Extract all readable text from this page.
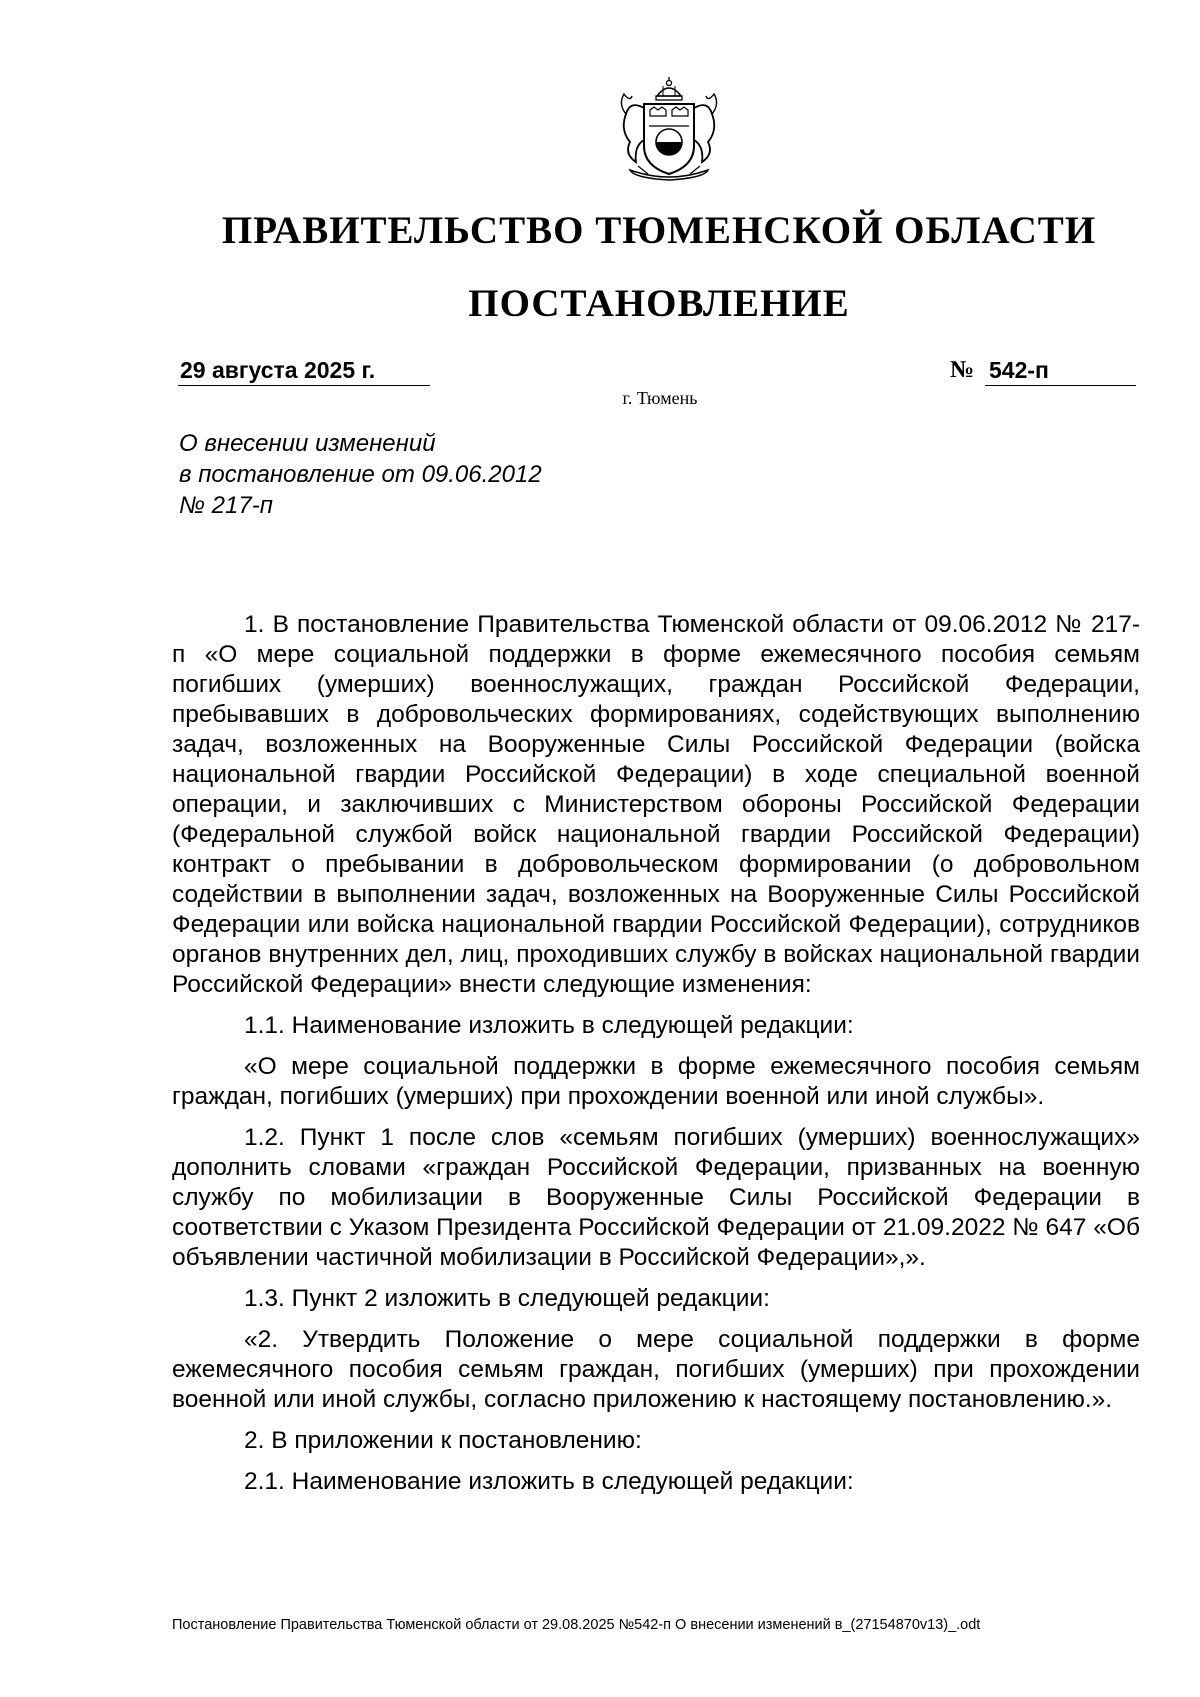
ПРАВИТЕЛЬСТВО ТЮМЕНСКОЙ ОБЛАСТИ
ПОСТАНОВЛЕНИЕ
29 августа 2025 г.	№ 542-п
г. Тюмень
О внесении изменений
в постановление от 09.06.2012
№ 217-п

1. В постановление Правительства Тюменской области от 09.06.2012 № 217-п «О мере социальной поддержки в форме ежемесячного пособия семьям погибших (умерших) военнослужащих, граждан Российской Федерации, пребывавших в добровольческих формированиях, содействующих выполнению задач, возложенных на Вооруженные Силы Российской Федерации (войска национальной гвардии Российской Федерации) в ходе специальной военной операции, и заключивших с Министерством обороны Российской Федерации (Федеральной службой войск национальной гвардии Российской Федерации) контракт о пребывании в добровольческом формировании (о добровольном содействии в выполнении задач, возложенных на Вооруженные Силы Российской Федерации или войска национальной гвардии Российской Федерации), сотрудников органов внутренних дел, лиц, проходивших службу в войсках национальной гвардии Российской Федерации» внести следующие изменения:

1.1. Наименование изложить в следующей редакции:

«О мере социальной поддержки в форме ежемесячного пособия семьям граждан, погибших (умерших) при прохождении военной или иной службы».

1.2. Пункт 1 после слов «семьям погибших (умерших) военнослужащих» дополнить словами «граждан Российской Федерации, призванных на военную службу по мобилизации в Вооруженные Силы Российской Федерации в соответствии с Указом Президента Российской Федерации от 21.09.2022 № 647 «Об объявлении частичной мобилизации в Российской Федерации»,».

1.3. Пункт 2 изложить в следующей редакции:

«2. Утвердить Положение о мере социальной поддержки в форме ежемесячного пособия семьям граждан, погибших (умерших) при прохождении военной или иной службы, согласно приложению к настоящему постановлению.».

2. В приложении к постановлению:

2.1. Наименование изложить в следующей редакции:

Постановление Правительства Тюменской области от 29.08.2025 №542-п О внесении изменений в_(27154870v13)_.odt
